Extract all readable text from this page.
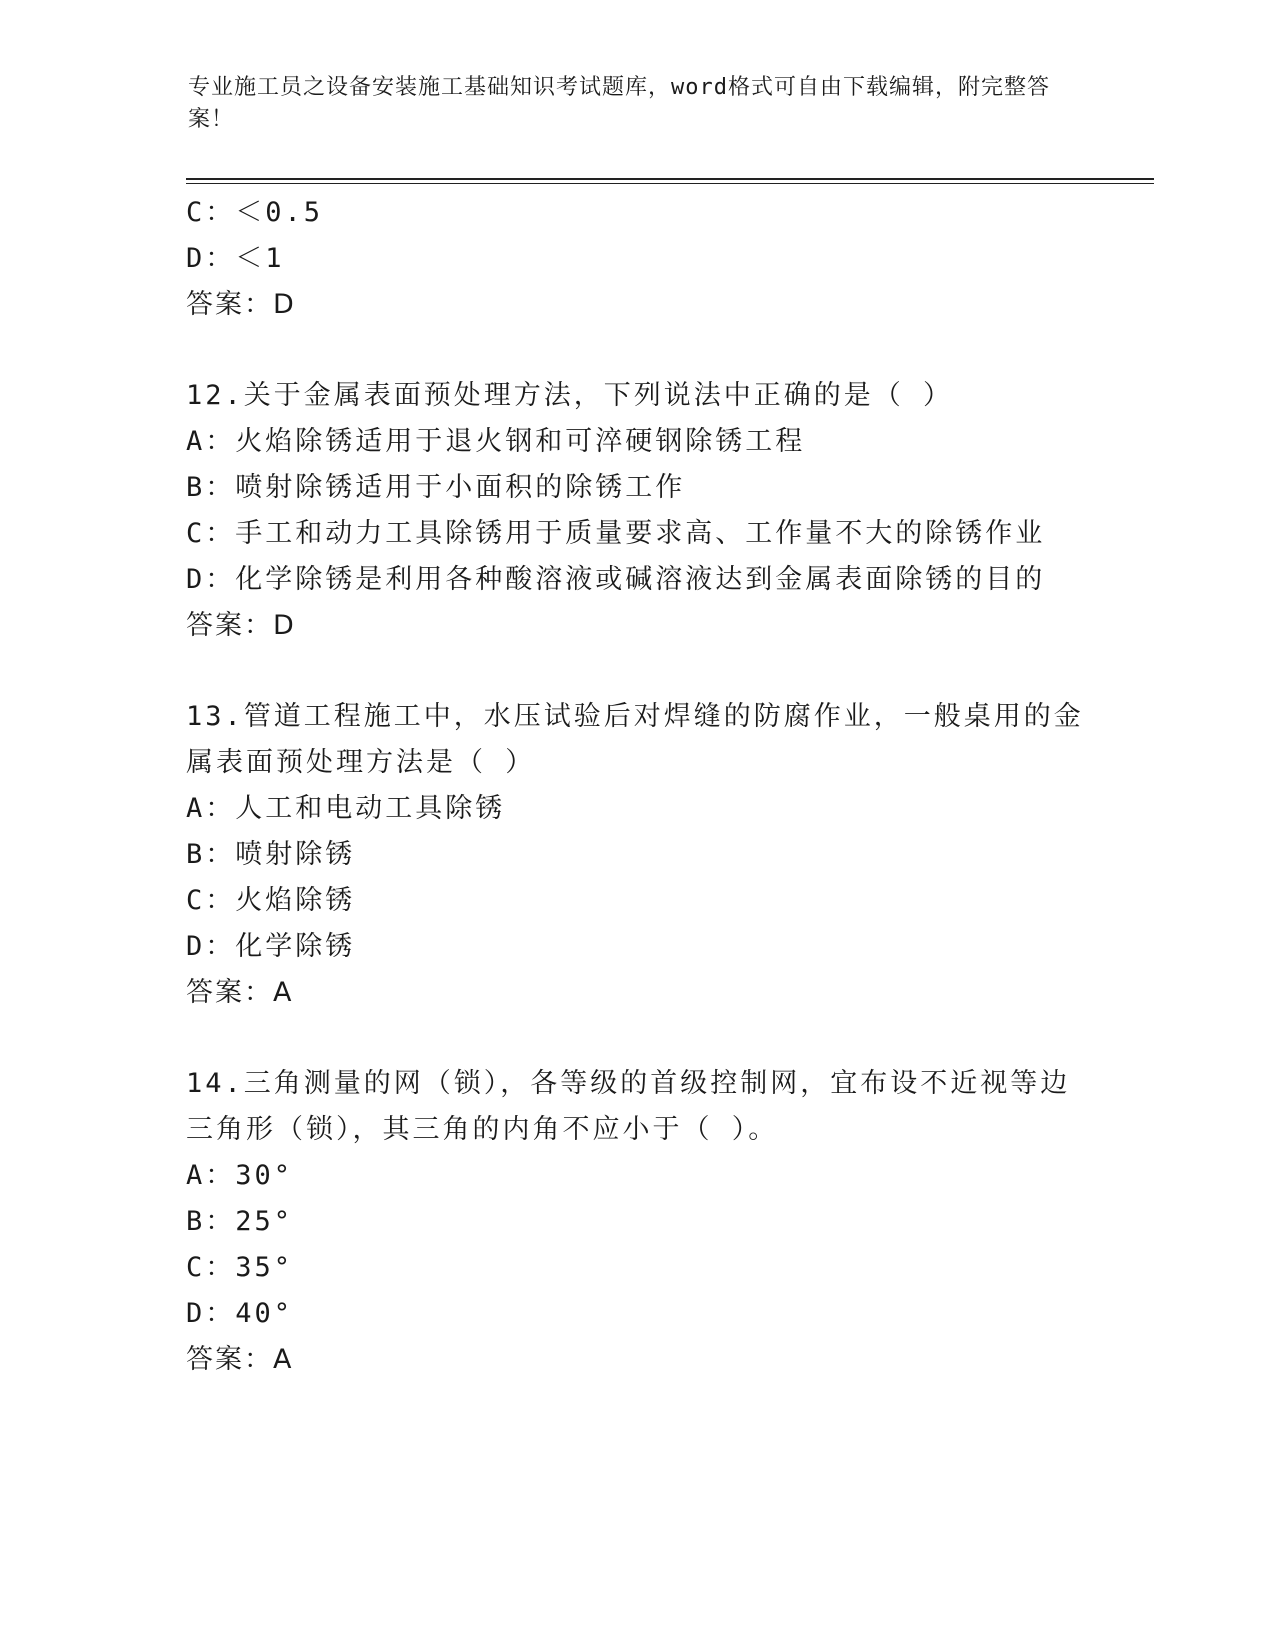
专业施工员之设备安装施工基础知识考试题库，word格式可自由下载编辑，附完整答案！
C：＜0.5
D：＜1
答案：D
12.关于金属表面预处理方法，下列说法中正确的是（ ）
A：火焰除锈适用于退火钢和可淬硬钢除锈工程
B：喷射除锈适用于小面积的除锈工作
C：手工和动力工具除锈用于质量要求高、工作量不大的除锈作业
D：化学除锈是利用各种酸溶液或碱溶液达到金属表面除锈的目的
答案：D
13.管道工程施工中，水压试验后对焊缝的防腐作业，一般桌用的金属表面预处理方法是（ ）
A：人工和电动工具除锈
B：喷射除锈
C：火焰除锈
D：化学除锈
答案：A
14.三角测量的网（锁），各等级的首级控制网，宜布设不近视等边三角形（锁），其三角的内角不应小于（ ）。
A：30°
B：25°
C：35°
D：40°
答案：A
